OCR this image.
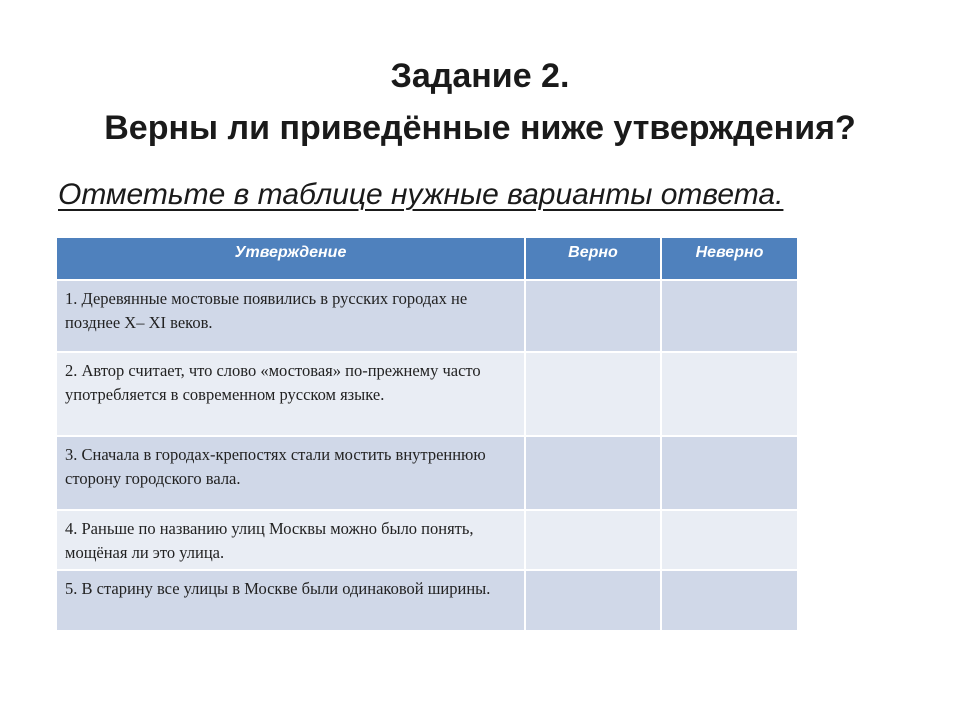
Задание 2.
Верны ли приведённые ниже утверждения?
Отметьте в таблице нужные варианты ответа.
Утверждение	Верно	Неверно
1. Деревянные мостовые появились в русских городах не позднее X– XI веков.		
2. Автор считает, что слово «мостовая» по-прежнему часто употребляется в современном русском языке.		
3. Сначала в городах-крепостях стали мостить внутреннюю сторону городского вала.		
4. Раньше по названию улиц Москвы можно было понять, мощёная ли это улица.		
5. В старину все улицы в Москве были одинаковой ширины.		
